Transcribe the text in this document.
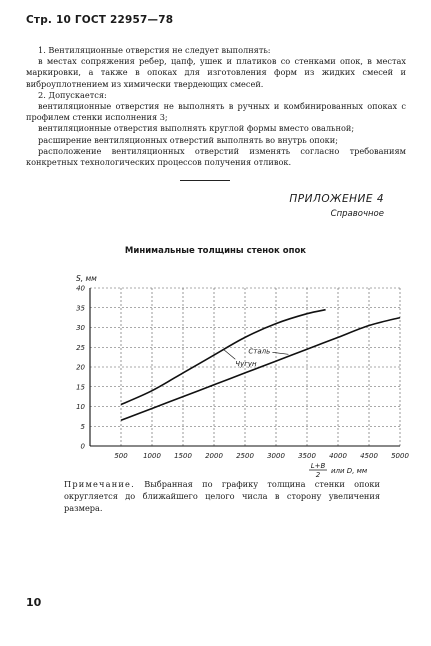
Стр. 10 ГОСТ 22957—78

1. Вентиляционные отверстия не следует выполнять:

в местах сопряжения ребер, цапф, ушек и платиков со стенками опок, в местах маркировки, а также в опоках для изготовления форм из жидких смесей и виброуплотнением из химически твердеющих смесей.

2. Допускается:

вентиляционные отверстия не выполнять в ручных и комбинированных опоках с профилем стенки исполнения 3;

вентиляционные отверстия выполнять круглой формы вместо овальной;

расширение вентиляционных отверстий выполнять во внутрь опоки;

расположение вентиляционных отверстий изменять согласно требованиям конкретных технологических процессов получения отливок.

ПРИЛОЖЕНИЕ 4
Справочное
Минимальные толщины стенок опок
0
5
10
15
20
25
30
35
40
500 1000 1500 2000 2500 3000 3500 4000 4500 5000
S, мм
L+B
2 или D, мм
Чугун
Сталь
Примечание. Выбранная по графику толщина стенки опоки округляется до ближайшего целого числа в сторону увеличения размера.
10
